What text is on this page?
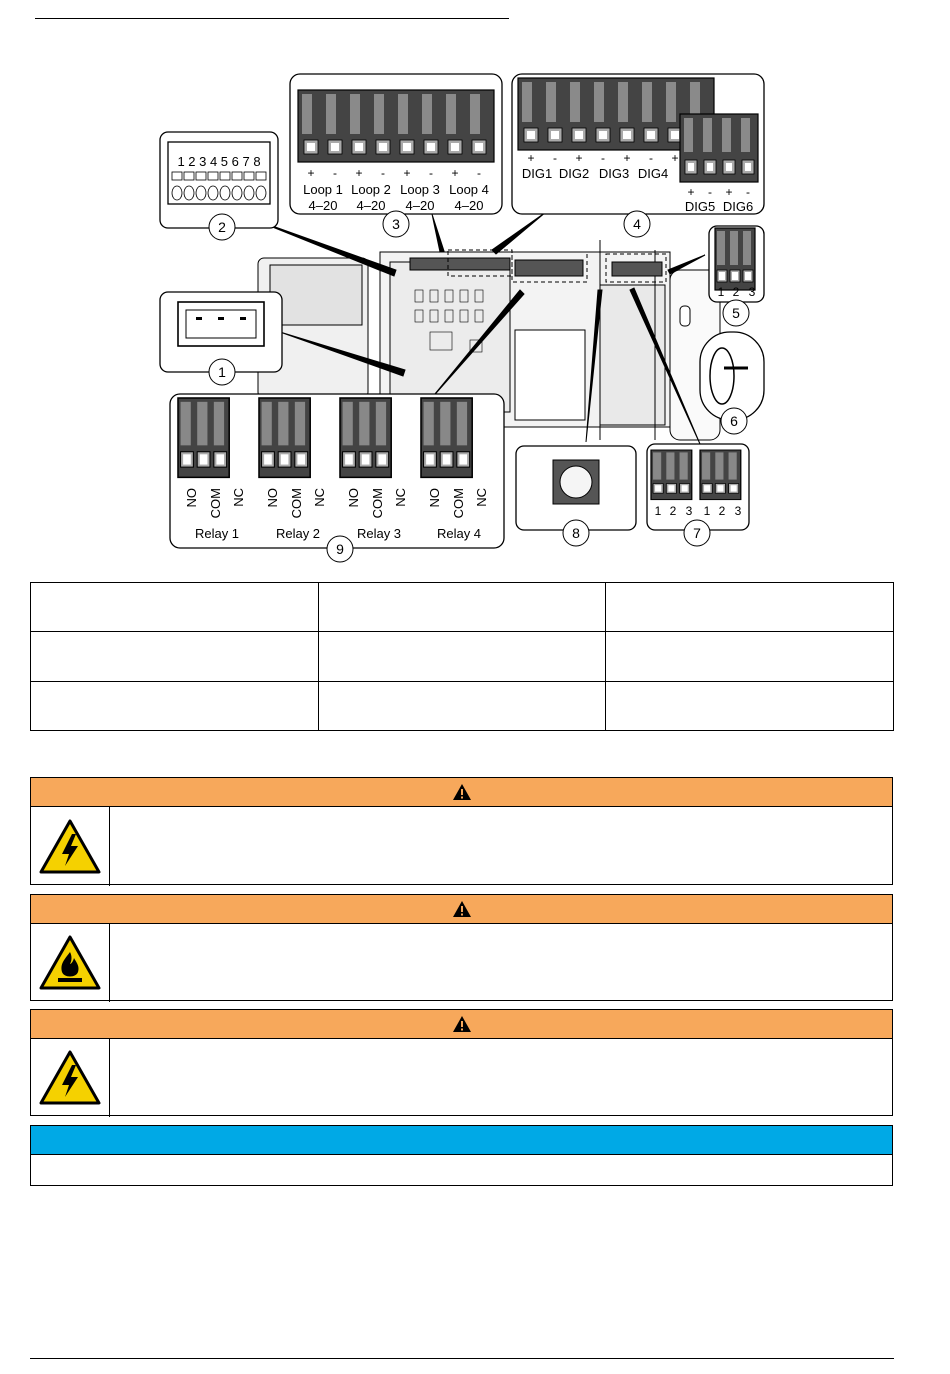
1 2 3 4 5 6 7 8
+ - + - + - + -
Loop 1 Loop 2 Loop 3 Loop 4
4–20 4–20 4–20 4–20
+ - + - + - +
DIG1 DIG2 DIG3 DIG4
+ - + -
DIG5 DIG6
1 2 3
NO COM NC NO COM NC NO COM NC NO COM NC
Relay 1	Relay 2	Relay 3	Relay 4
1 2 3 1 2 3
1
2	3	4
5
6
7
8
9
